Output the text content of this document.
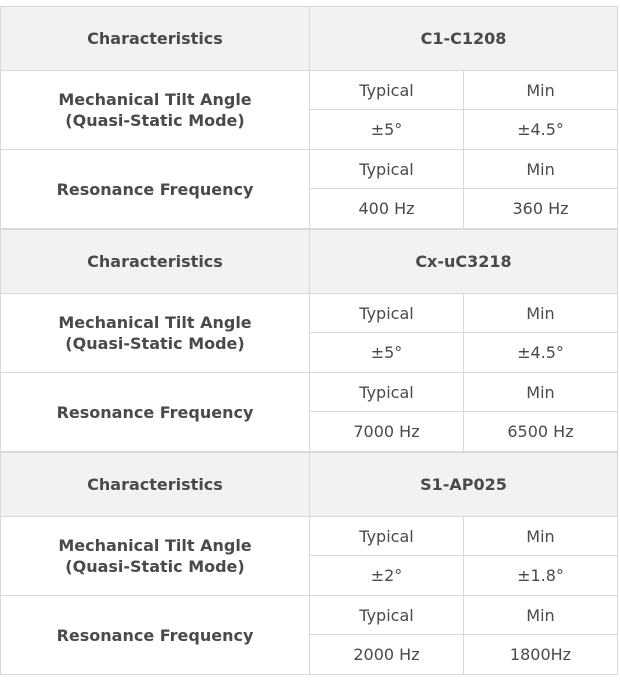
Characteristics	C1-C1208	
Mechanical Tilt Angle
(Quasi-Static Mode)	Typical	Min
	±5°	±4.5°
Resonance Frequency	Typical	Min
	400 Hz	360 Hz
Characteristics	Cx-uC3218	
Mechanical Tilt Angle
(Quasi-Static Mode)	Typical	Min
	±5°	±4.5°
Resonance Frequency	Typical	Min
	7000 Hz	6500 Hz
Characteristics	S1-AP025	
Mechanical Tilt Angle
(Quasi-Static Mode)	Typical	Min
	±2°	±1.8°
Resonance Frequency	Typical	Min
	2000 Hz	1800Hz
